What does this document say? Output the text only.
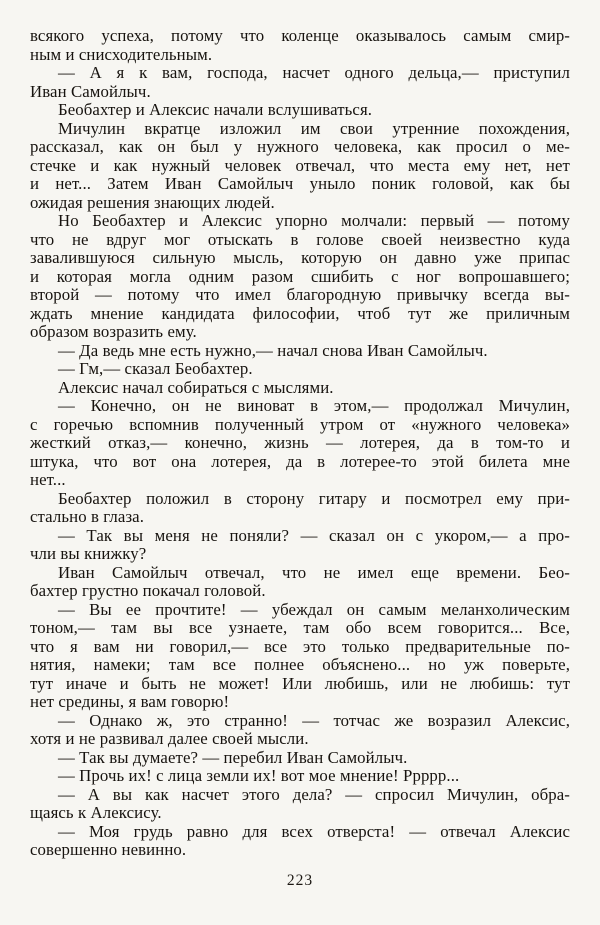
всякого успеха, потому что коленце оказывалось самым смир-
ным и снисходительным.
— А я к вам, господа, насчет одного дельца,— приступил
Иван Самойлыч.
Беобахтер и Алексис начали вслушиваться.
Мичулин вкратце изложил им свои утренние похождения,
рассказал, как он был у нужного человека, как просил о ме-
стечке и как нужный человек отвечал, что места ему нет, нет
и нет... Затем Иван Самойлыч уныло поник головой, как бы
ожидая решения знающих людей.
Но Беобахтер и Алексис упорно молчали: первый — потому
что не вдруг мог отыскать в голове своей неизвестно куда
завалившуюся сильную мысль, которую он давно уже припас
и которая могла одним разом сшибить с ног вопрошавшего;
второй — потому что имел благородную привычку всегда вы-
ждать мнение кандидата философии, чтоб тут же приличным
образом возразить ему.
— Да ведь мне есть нужно,— начал снова Иван Самойлыч.
— Гм,— сказал Беобахтер.
Алексис начал собираться с мыслями.
— Конечно, он не виноват в этом,— продолжал Мичулин,
с горечью вспомнив полученный утром от «нужного человека»
жесткий отказ,— конечно, жизнь — лотерея, да в том-то и
штука, что вот она лотерея, да в лотерее-то этой билета мне
нет...
Беобахтер положил в сторону гитару и посмотрел ему при-
стально в глаза.
— Так вы меня не поняли? — сказал он с укором,— а про-
чли вы книжку?
Иван Самойлыч отвечал, что не имел еще времени. Бео-
бахтер грустно покачал головой.
— Вы ее прочтите! — убеждал он самым меланхолическим
тоном,— там вы все узнаете, там обо всем говорится... Все,
что я вам ни говорил,— все это только предварительные по-
нятия, намеки; там все полнее объяснено... но уж поверьте,
тут иначе и быть не может! Или любишь, или не любишь: тут
нет средины, я вам говорю!
— Однако ж, это странно! — тотчас же возразил Алексис,
хотя и не развивал далее своей мысли.
— Так вы думаете? — перебил Иван Самойлыч.
— Прочь их! с лица земли их! вот мое мнение! Ррррр...
— А вы как насчет этого дела? — спросил Мичулин, обра-
щаясь к Алексису.
— Моя грудь равно для всех отверста! — отвечал Алексис
совершенно невинно.
223
